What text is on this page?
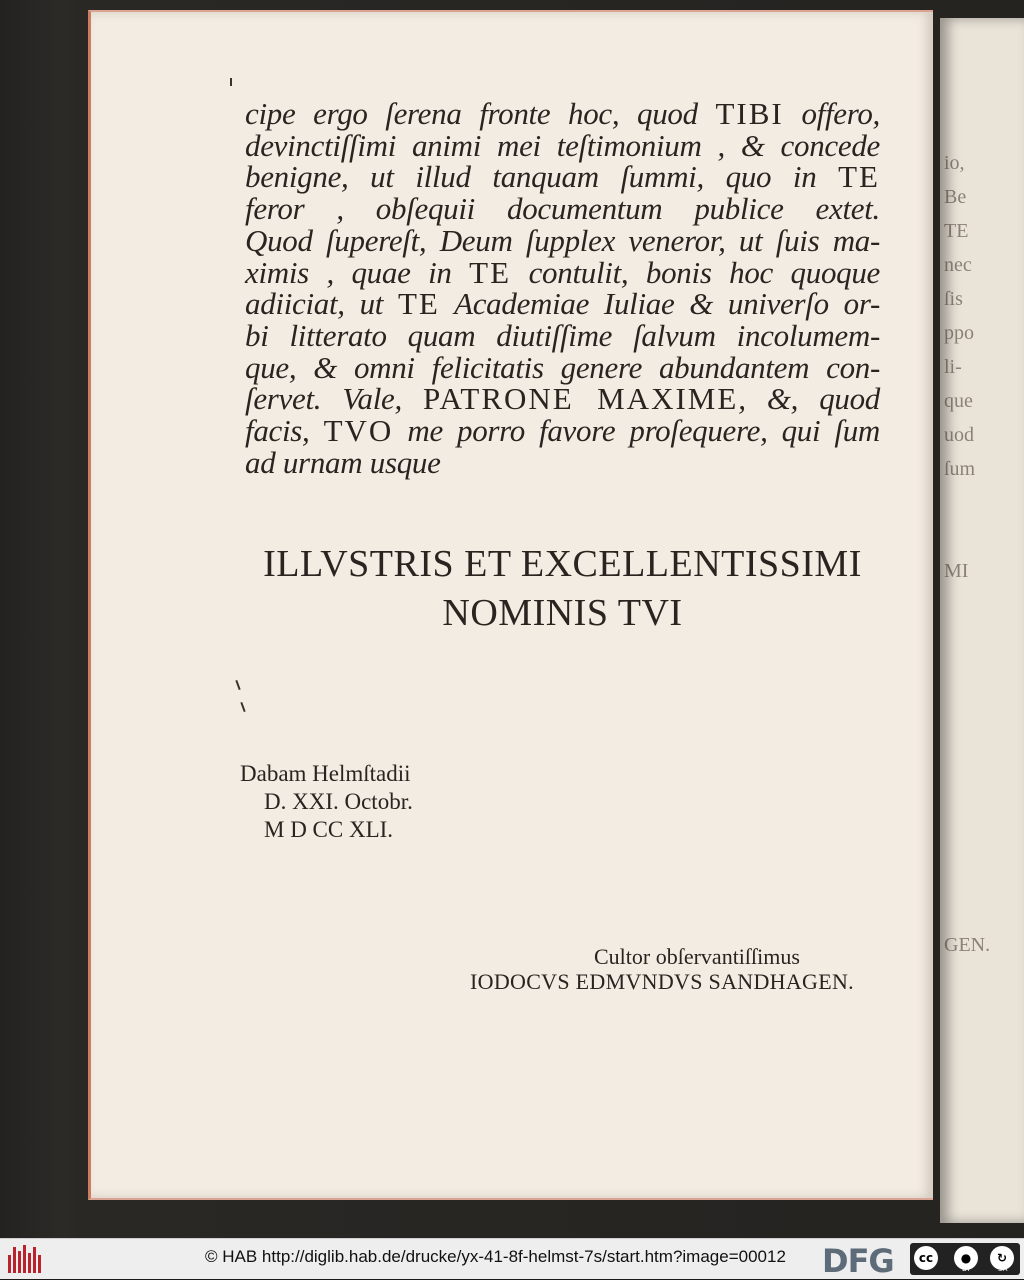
io,
Be
TE
nec
ſis
ppo
li-
que
uod
ſum

MI

GEN.
cipe ergo ſerena fronte hoc, quod TIBI offero,
devinctiſſimi animi mei teſtimonium , & concede
benigne, ut illud tanquam ſummi, quo in TE
feror , obſequii documentum publice extet.
Quod ſupereſt, Deum ſupplex veneror, ut ſuis ma-
ximis , quae in TE contulit, bonis hoc quoque
adiiciat, ut TE Academiae Iuliae & univerſo or-
bi litterato quam diutiſſime ſalvum incolumem-
que, & omni felicitatis genere abundantem con-
ſervet. Vale, PATRONE MAXIME, &, quod
facis, TVO me porro favore proſequere, qui ſum
ad urnam usque
ILLVSTRIS ET EXCELLENTISSIMI
NOMINIS TVI
Dabam Helmſtadii
D. XXI. Octobr.
M D CC XLI.
Cultor obſervantiſſimus
IODOCVS EDMVNDVS SANDHAGEN.
© HAB http://diglib.hab.de/drucke/yx-41-8f-helmst-7s/start.htm?image=00012 DFG	cc	●	↻
BY	SA
